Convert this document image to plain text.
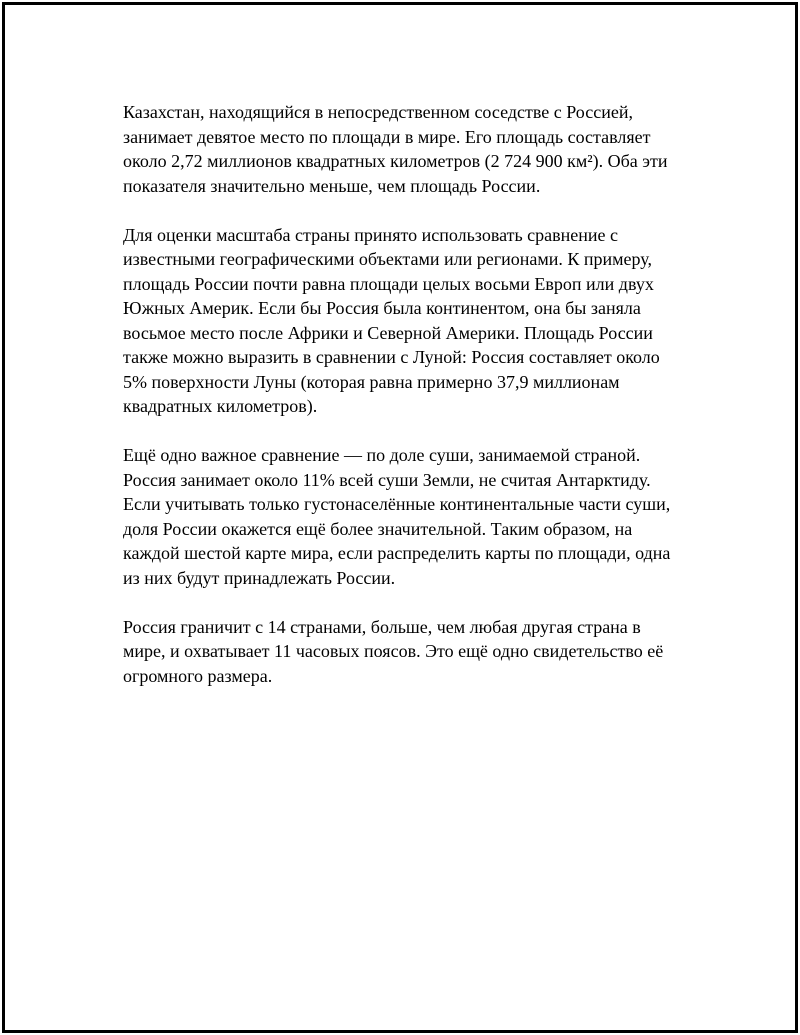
Казахстан, находящийся в непосредственном соседстве с Россией,
занимает девятое место по площади в мире. Его площадь составляет
около 2,72 миллионов квадратных километров (2 724 900 км²). Оба эти
показателя значительно меньше, чем площадь России.

Для оценки масштаба страны принято использовать сравнение с
известными географическими объектами или регионами. К примеру,
площадь России почти равна площади целых восьми Европ или двух
Южных Америк. Если бы Россия была континентом, она бы заняла
восьмое место после Африки и Северной Америки. Площадь России
также можно выразить в сравнении с Луной: Россия составляет около
5% поверхности Луны (которая равна примерно 37,9 миллионам
квадратных километров).

Ещё одно важное сравнение — по доле суши, занимаемой страной.
Россия занимает около 11% всей суши Земли, не считая Антарктиду.
Если учитывать только густонаселённые континентальные части суши,
доля России окажется ещё более значительной. Таким образом, на
каждой шестой карте мира, если распределить карты по площади, одна
из них будут принадлежать России.

Россия граничит с 14 странами, больше, чем любая другая страна в
мире, и охватывает 11 часовых поясов. Это ещё одно свидетельство её
огромного размера.
